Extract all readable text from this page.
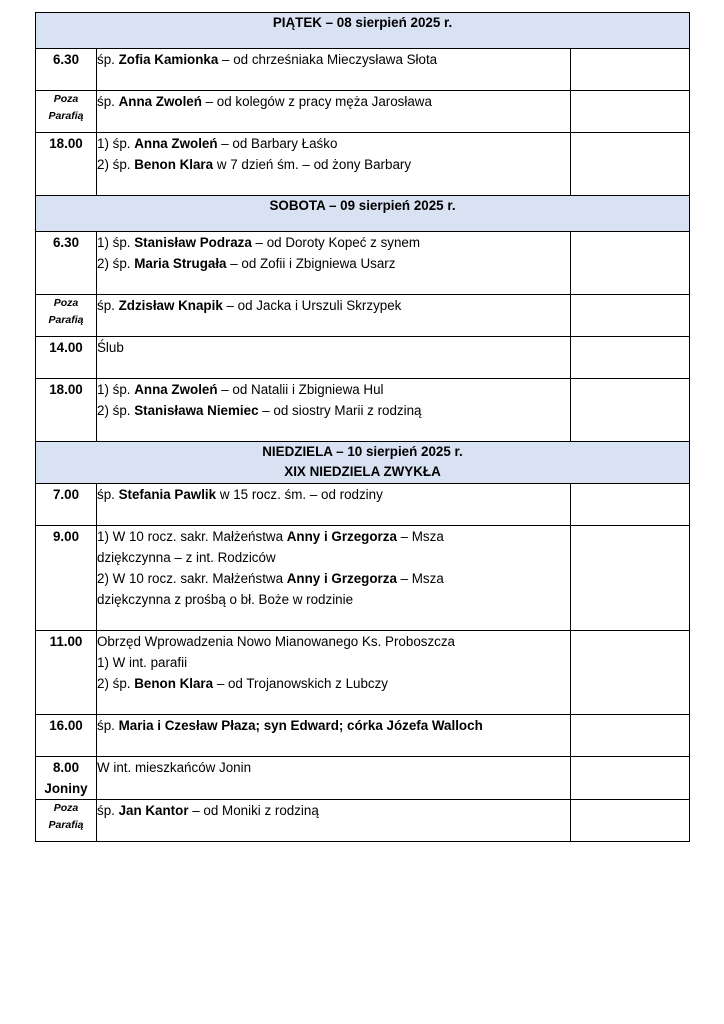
PIĄTEK – 08 sierpień 2025 r.		

6.30	śp. Zofia Kamionka – od chrześniaka Mieczysława Słota	

Poza
Parafią	śp. Anna Zwoleń – od kolegów z pracy męża Jarosława	

18.00	1) śp. Anna Zwoleń – od Barbary Łaśko
2) śp. Benon Klara w 7 dzień śm. – od żony Barbary	

SOBOTA – 09 sierpień 2025 r.		

6.30	1) śp. Stanisław Podraza – od Doroty Kopeć z synem
2) śp. Maria Strugała – od Zofii i Zbigniewa Usarz	

Poza
Parafią	śp. Zdzisław Knapik – od Jacka i Urszuli Skrzypek	

14.00	Ślub	

18.00	1) śp. Anna Zwoleń – od Natalii i Zbigniewa Hul
2) śp. Stanisława Niemiec – od siostry Marii z rodziną	

NIEDZIELA – 10 sierpień 2025 r.
XIX NIEDZIELA ZWYKŁA		

7.00	śp. Stefania Pawlik w 15 rocz. śm. – od rodziny	

9.00	1) W 10 rocz. sakr. Małżeństwa Anny i Grzegorza – Msza
dziękczynna – z int. Rodziców
2) W 10 rocz. sakr. Małżeństwa Anny i Grzegorza – Msza
dziękczynna z prośbą o bł. Boże w rodzinie	

11.00	Obrzęd Wprowadzenia Nowo Mianowanego Ks. Proboszcza
1) W int. parafii
2) śp. Benon Klara – od Trojanowskich z Lubczy	

16.00	śp. Maria i Czesław Płaza; syn Edward; córka Józefa Walloch	

8.00
Joniny	W int. mieszkańców Jonin	

Poza
Parafią	śp. Jan Kantor – od Moniki z rodziną	
